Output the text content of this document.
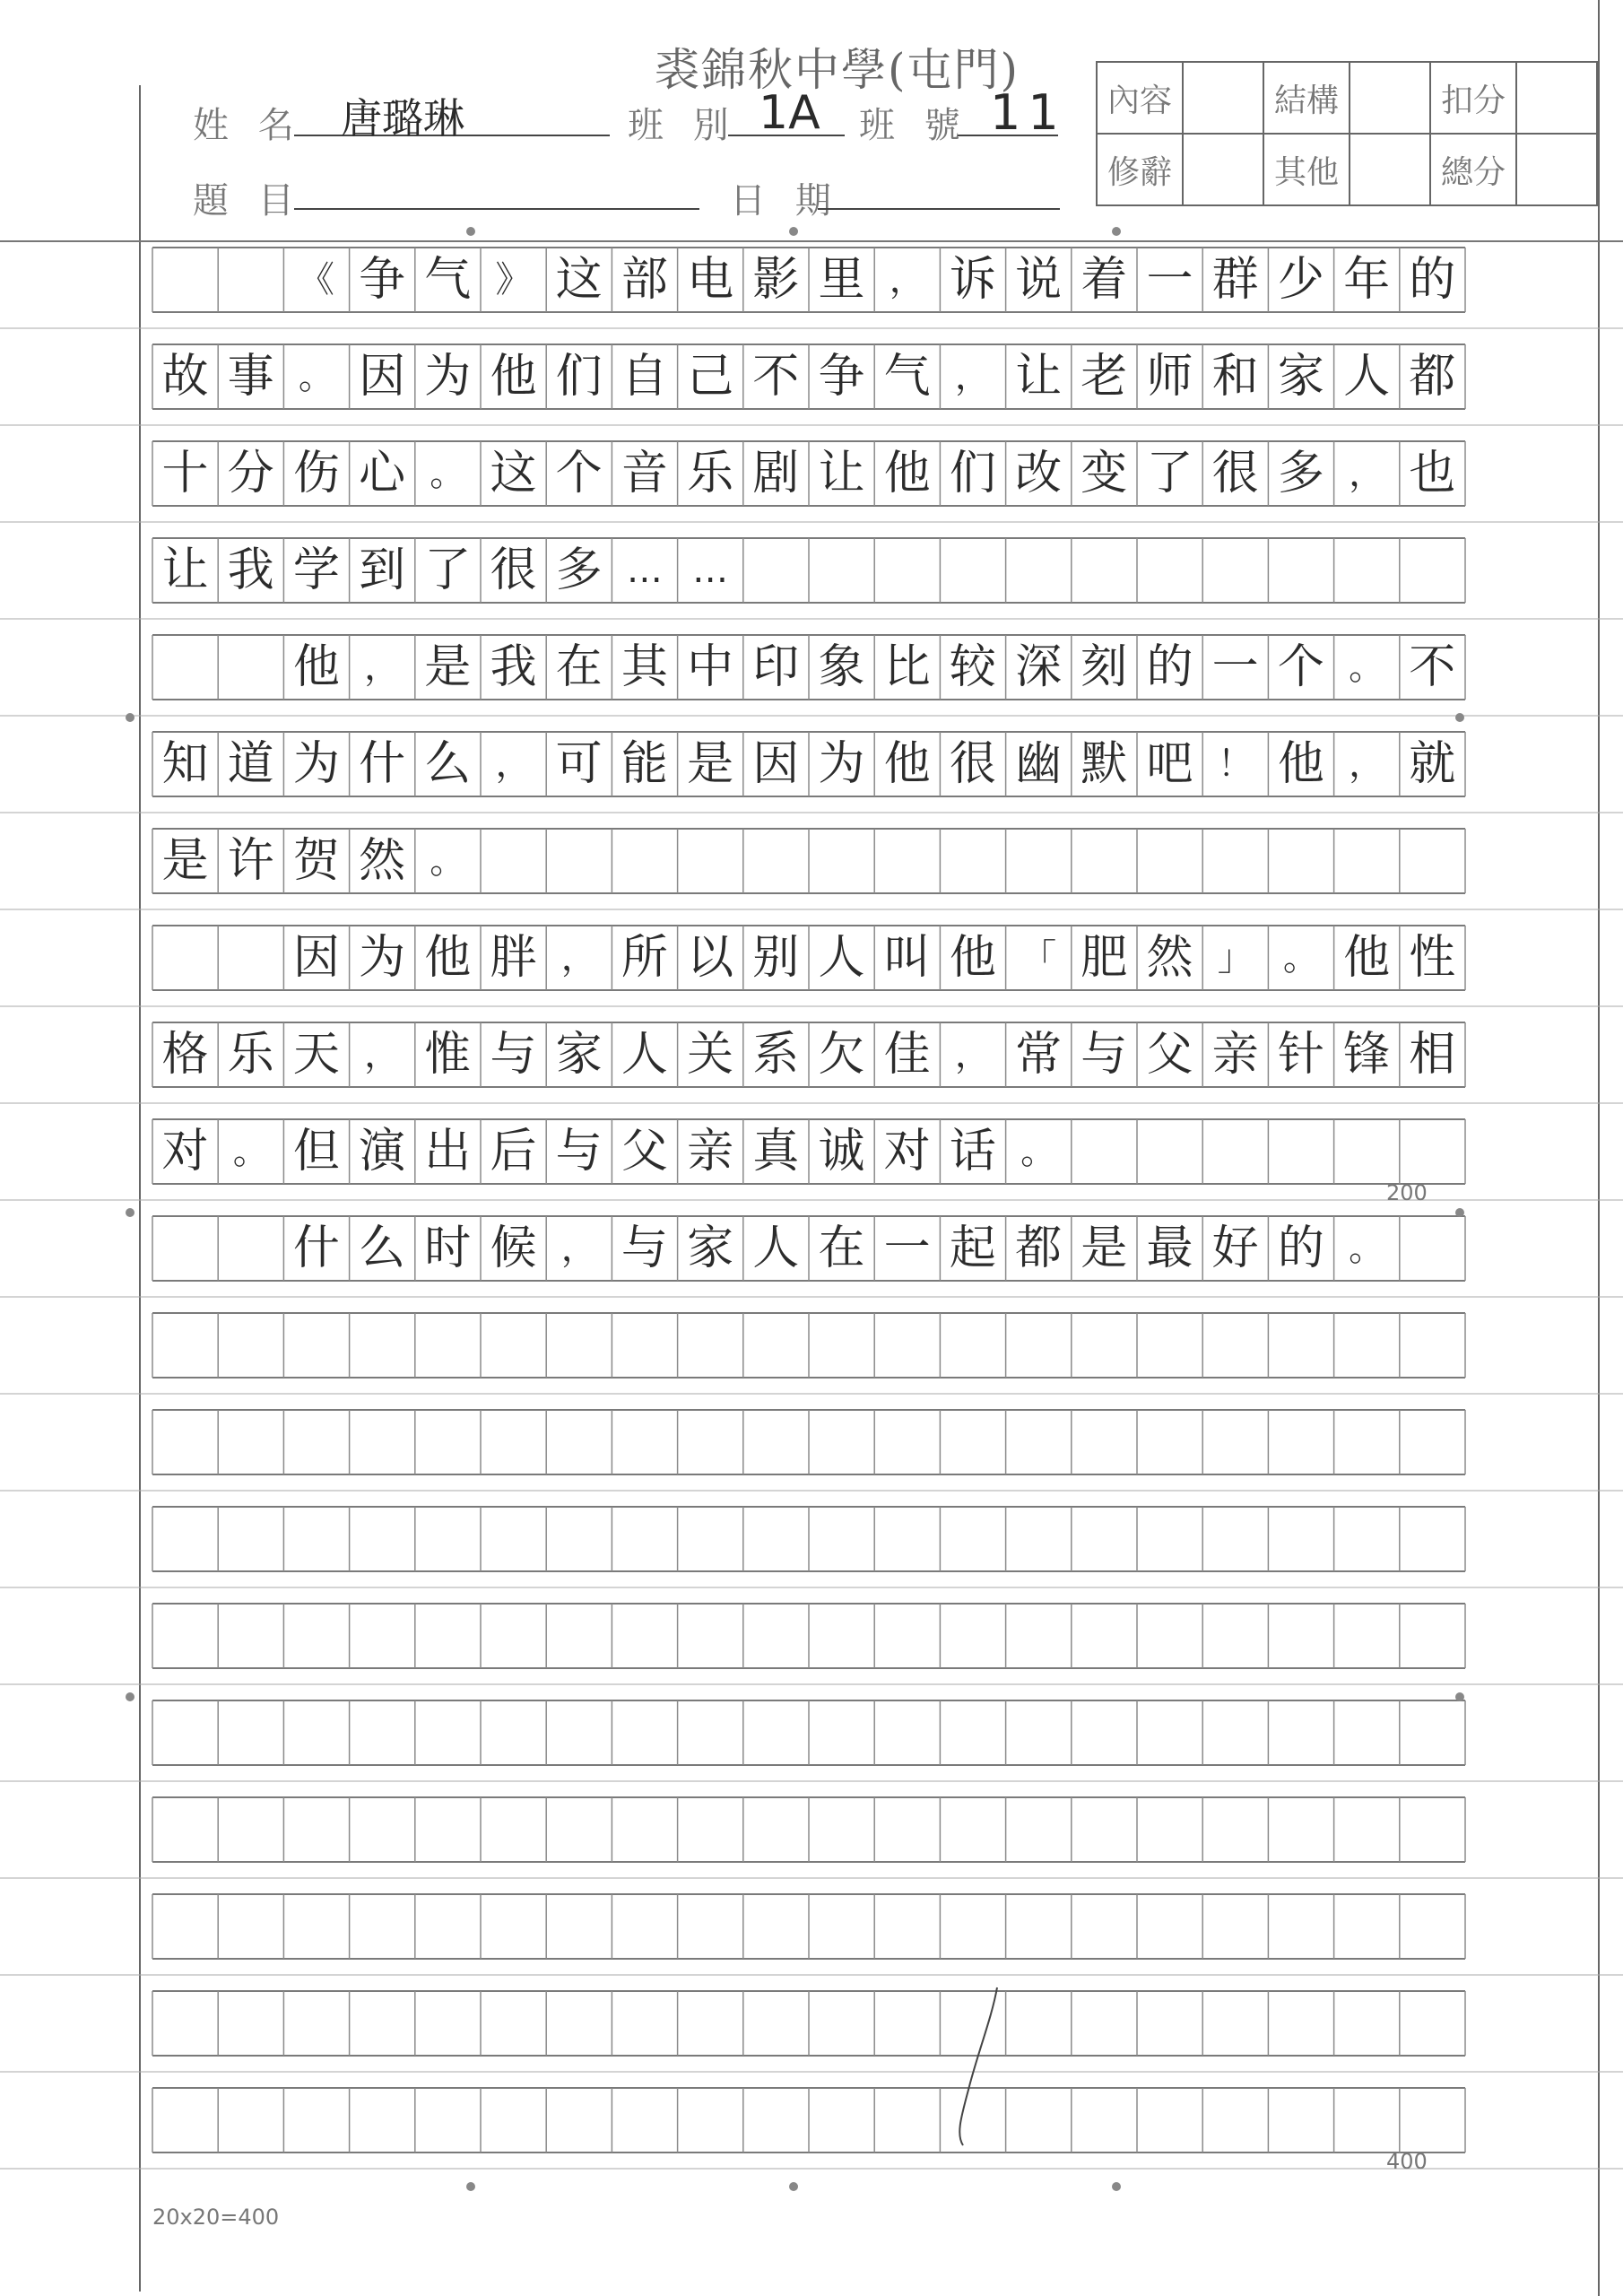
裘錦秋中學(屯門)
姓 名 唐璐琳	班 別 1A 班 號 11
題 目	日 期
內容		結構		扣分	
修辭		其他		總分	
《 争 气 》 这 部 电 影 里 ， 诉 说 着 一 群 少 年 的
故 事 。 因 为 他 们 自 己 不 争 气 ， 让 老 师 和 家 人 都
十 分 伤 心 。 这 个 音 乐 剧 让 他 们 改 变 了 很 多 ， 也
让 我 学 到 了 很 多 … …
他 ， 是 我 在 其 中 印 象 比 较 深 刻 的 一 个 。 不
知 道 为 什 么 ， 可 能 是 因 为 他 很 幽 默 吧 ！ 他 ， 就
是 许 贺 然 。
因 为 他 胖 ， 所 以 别 人 叫 他 「 肥 然 」 。 他 性
格 乐 天 ， 惟 与 家 人 关 系 欠 佳 ， 常 与 父 亲 针 锋 相
对 。 但 演 出 后 与 父 亲 真 诚 对 话 。
什 么 时 候 ， 与 家 人 在 一 起 都 是 最 好 的 。
200
400
20x20=400
